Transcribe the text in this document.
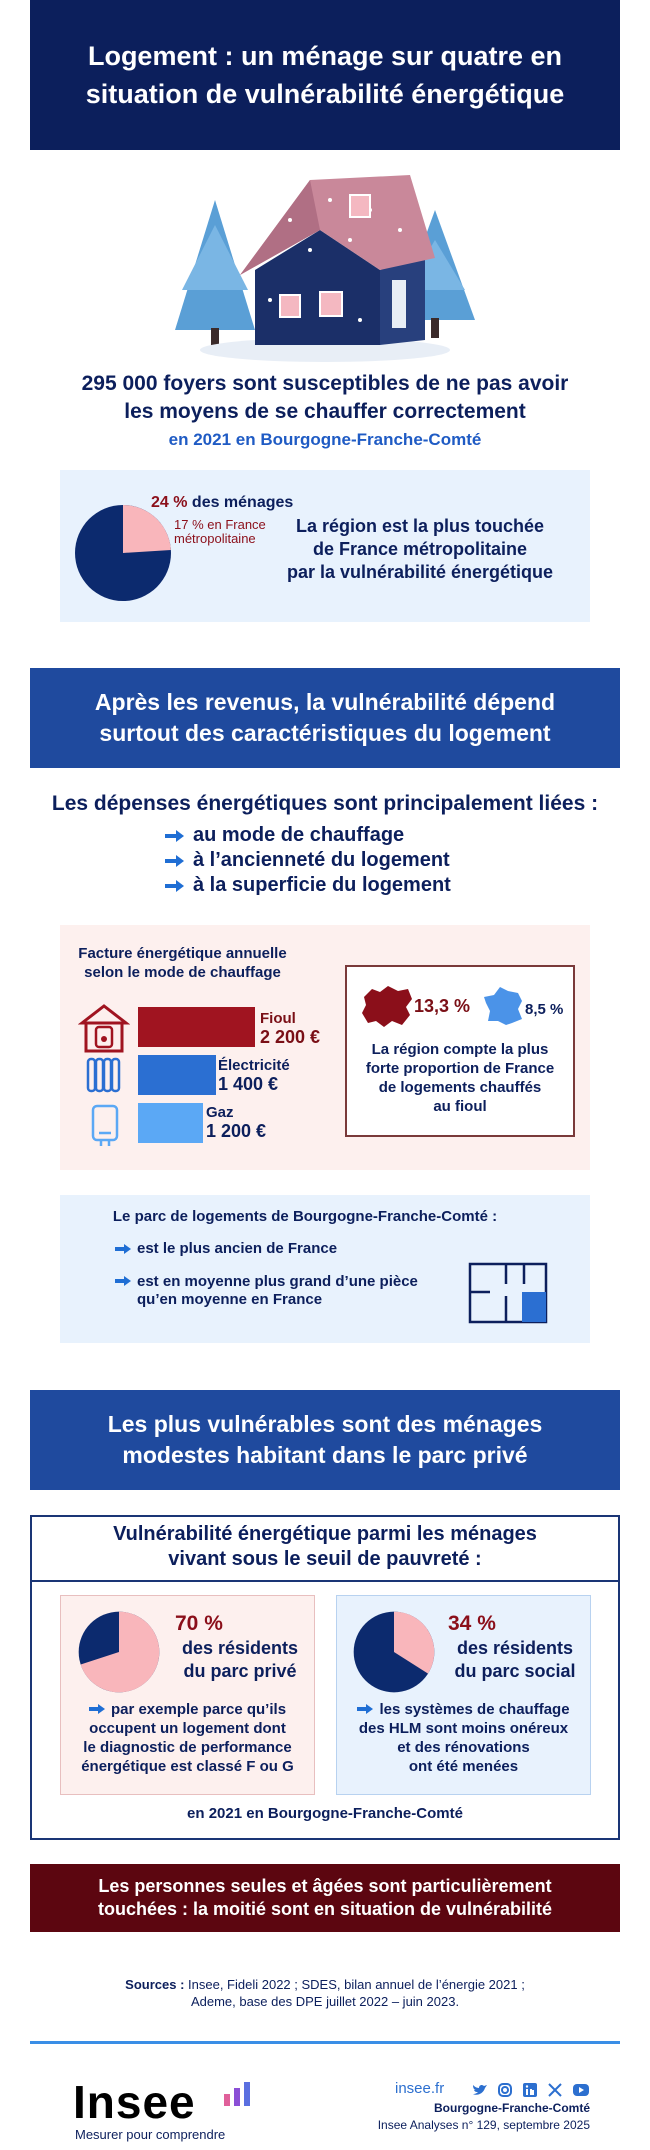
Logement : un ménage sur quatre en
situation de vulnérabilité énergétique
295 000 foyers sont susceptibles de ne pas avoir
les moyens de se chauffer correctement
en 2021 en Bourgogne-Franche-Comté
24 % des ménages
17 % en France
métropolitaine
La région est la plus touchée
de France métropolitaine
par la vulnérabilité énergétique
Après les revenus, la vulnérabilité dépend
surtout des caractéristiques du logement
Les dépenses énergétiques sont principalement liées :
au mode de chauffage
à l’ancienneté du logement
à la superficie du logement
Facture énergétique annuelle
selon le mode de chauffage
Fioul
2 200 €
Électricité
1 400 €
Gaz
1 200 €
13,3 %	8,5 %
La région compte la plus
forte proportion de France
de logements chauffés
au fioul
Le parc de logements de Bourgogne-Franche-Comté :
est le plus ancien de France
est en moyenne plus grand d’une pièce
qu’en moyenne en France
Les plus vulnérables sont des ménages
modestes habitant dans le parc privé
Vulnérabilité énergétique parmi les ménages
vivant sous le seuil de pauvreté :
70 %
des résidents
du parc privé
par exemple parce qu’ils
occupent un logement dont
le diagnostic de performance
énergétique est classé F ou G
34 %
des résidents
du parc social
les systèmes de chauffage
des HLM sont moins onéreux
et des rénovations
ont été menées
en 2021 en Bourgogne-Franche-Comté
Les personnes seules et âgées sont particulièrement
touchées : la moitié sont en situation de vulnérabilité
Sources : Insee, Fideli 2022 ; SDES, bilan annuel de l’énergie 2021 ;
Ademe, base des DPE juillet 2022 – juin 2023.
Insee
Mesurer pour comprendre
insee.fr
Bourgogne-Franche-Comté
Insee Analyses n° 129, septembre 2025
